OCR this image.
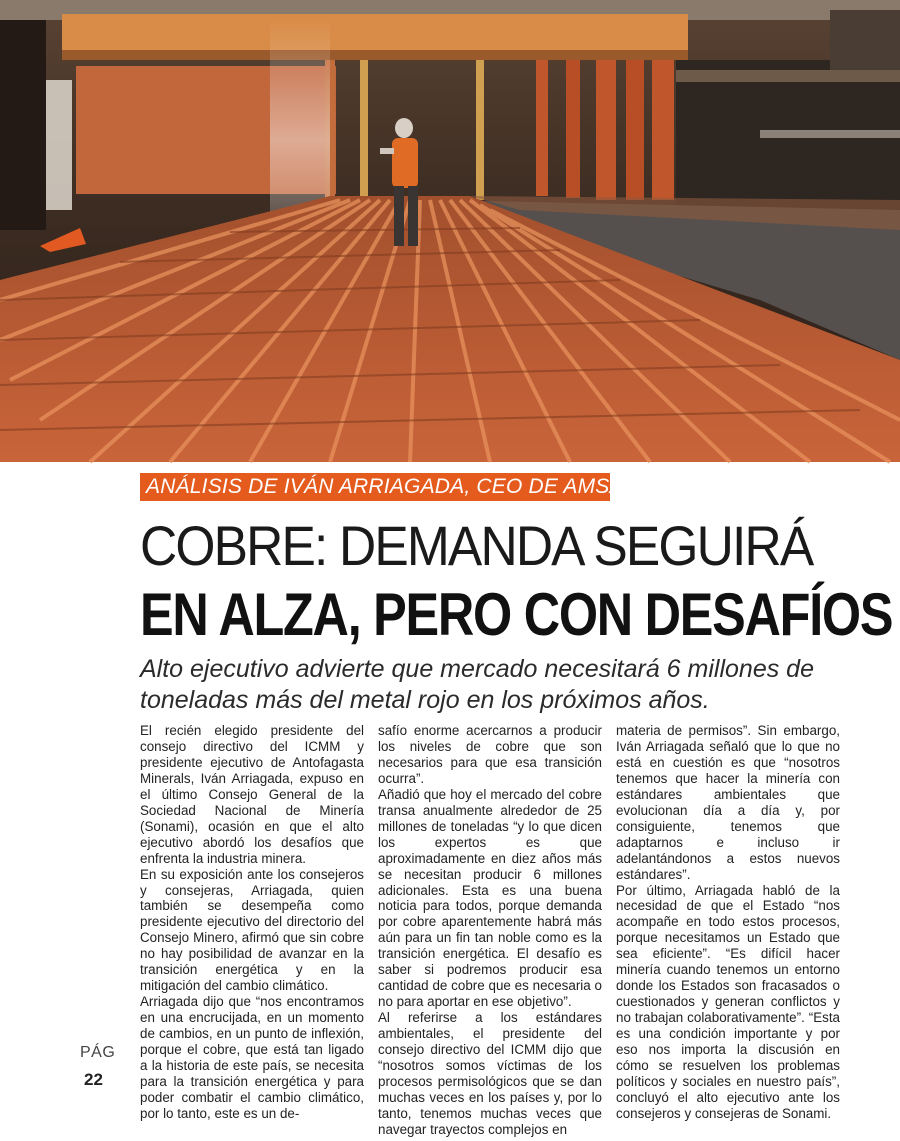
ANÁLISIS DE IVÁN ARRIAGADA, CEO DE AMSA
COBRE: DEMANDA SEGUIRÁ
EN ALZA, PERO CON DESAFÍOS

Alto ejecutivo advierte que mercado necesitará 6 millones de toneladas más del metal rojo en los próximos años.

El recién elegido presidente del consejo directivo del ICMM y presidente ejecutivo de Antofagasta Minerals, Iván Arriagada, expuso en el último Consejo General de la Sociedad Nacional de Minería (Sonami), ocasión en que el alto ejecutivo abordó los desafíos que enfrenta la industria minera.

En su exposición ante los consejeros y consejeras, Arriagada, quien también se desempeña como presidente ejecutivo del directorio del Consejo Minero, afirmó que sin cobre no hay posibilidad de avanzar en la transición energética y en la mitigación del cambio climático.

Arriagada dijo que “nos encontramos en una encrucijada, en un momento de cambios, en un punto de inflexión, porque el cobre, que está tan ligado a la historia de este país, se necesita para la transición energética y para poder combatir el cambio climático, por lo tanto, este es un de-

safío enorme acercarnos a producir los niveles de cobre que son necesarios para que esa transición ocurra”.

Añadió que hoy el mercado del cobre transa anualmente alrededor de 25 millones de toneladas “y lo que dicen los expertos es que aproximadamente en diez años más se necesitan producir 6 millones adicionales. Esta es una buena noticia para todos, porque demanda por cobre aparentemente habrá más aún para un fin tan noble como es la transición energética. El desafío es saber si podremos producir esa cantidad de cobre que es necesaria o no para aportar en ese objetivo”.

Al referirse a los estándares ambientales, el presidente del consejo directivo del ICMM dijo que “nosotros somos víctimas de los procesos permisológicos que se dan muchas veces en los países y, por lo tanto, tenemos muchas veces que navegar trayectos complejos en

materia de permisos”. Sin embargo, Iván Arriagada señaló que lo que no está en cuestión es que “nosotros tenemos que hacer la minería con estándares ambientales que evolucionan día a día y, por consiguiente, tenemos que adaptarnos e incluso ir adelantándonos a estos nuevos estándares”.

Por último, Arriagada habló de la necesidad de que el Estado “nos acompañe en todo estos procesos, porque necesitamos un Estado que sea eficiente”. “Es difícil hacer minería cuando tenemos un entorno donde los Estados son fracasados o cuestionados y generan conflictos y no trabajan colaborativamente”. “Esta es una condición importante y por eso nos importa la discusión en cómo se resuelven los problemas políticos y sociales en nuestro país”, concluyó el alto ejecutivo ante los consejeros y consejeras de Sonami.

PÁG
22
